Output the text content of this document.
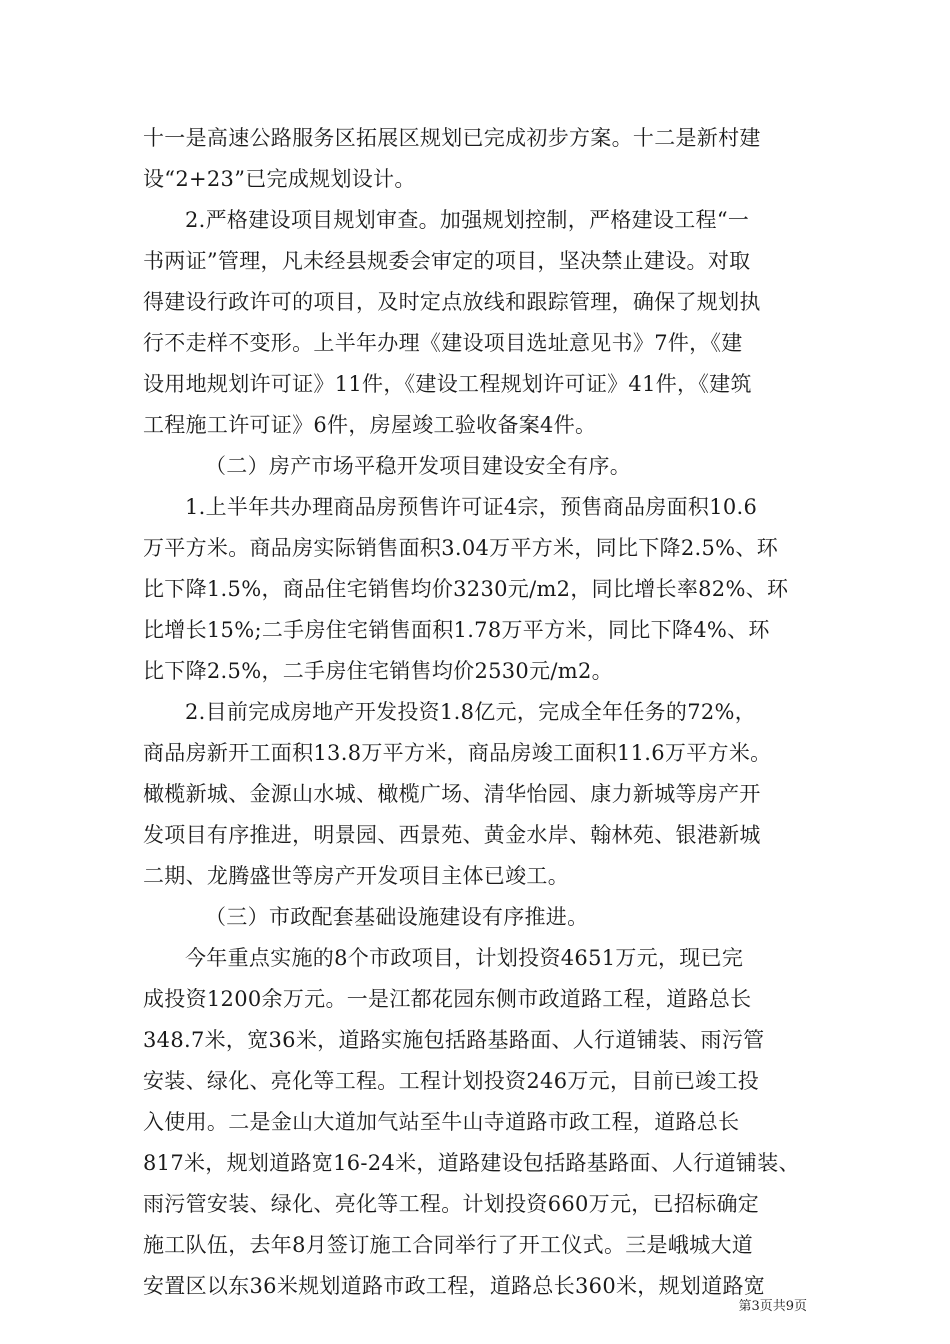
十一是高速公路服务区拓展区规划已完成初步方案。十二是新村建
设“2+23”已完成规划设计。
2.严格建设项目规划审查。加强规划控制，严格建设工程“一
书两证”管理，凡未经县规委会审定的项目，坚决禁止建设。对取
得建设行政许可的项目，及时定点放线和跟踪管理，确保了规划执
行不走样不变形。上半年办理《建设项目选址意见书》7件，《建
设用地规划许可证》11件，《建设工程规划许可证》41件，《建筑
工程施工许可证》6件，房屋竣工验收备案4件。
（二）房产市场平稳开发项目建设安全有序。
1.上半年共办理商品房预售许可证4宗，预售商品房面积10.6
万平方米。商品房实际销售面积3.04万平方米，同比下降2.5%、环
比下降1.5%，商品住宅销售均价3230元/m2，同比增长率82%、环
比增长15%;二手房住宅销售面积1.78万平方米，同比下降4%、环
比下降2.5%，二手房住宅销售均价2530元/m2。
2.目前完成房地产开发投资1.8亿元，完成全年任务的72%，
商品房新开工面积13.8万平方米，商品房竣工面积11.6万平方米。
橄榄新城、金源山水城、橄榄广场、清华怡园、康力新城等房产开
发项目有序推进，明景园、西景苑、黄金水岸、翰林苑、银港新城
二期、龙腾盛世等房产开发项目主体已竣工。
（三）市政配套基础设施建设有序推进。
今年重点实施的8个市政项目，计划投资4651万元，现已完
成投资1200余万元。一是江都花园东侧市政道路工程，道路总长
348.7米，宽36米，道路实施包括路基路面、人行道铺装、雨污管
安装、绿化、亮化等工程。工程计划投资246万元，目前已竣工投
入使用。二是金山大道加气站至牛山寺道路市政工程，道路总长
817米，规划道路宽16-24米，道路建设包括路基路面、人行道铺装、
雨污管安装、绿化、亮化等工程。计划投资660万元，已招标确定
施工队伍，去年8月签订施工合同举行了开工仪式。三是峨城大道
安置区以东36米规划道路市政工程，道路总长360米，规划道路宽
第3页共9页
